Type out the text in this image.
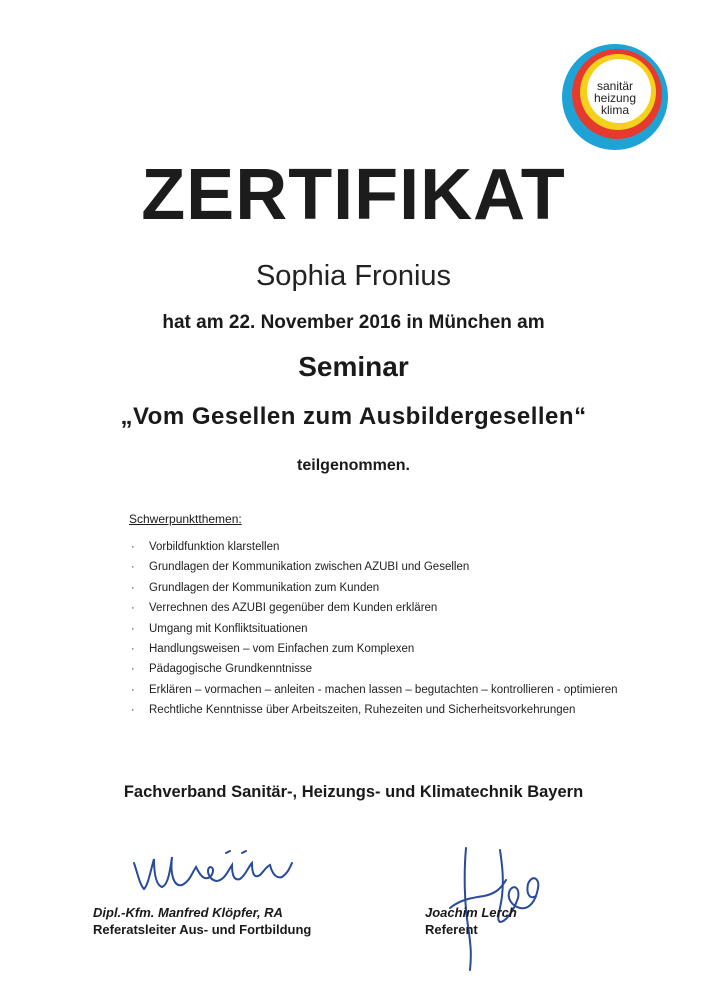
sanitär
heizung
klima
ZERTIFIKAT
Sophia Fronius
hat am 22. November 2016 in München am
Seminar
„Vom Gesellen zum Ausbildergesellen“
teilgenommen.
Schwerpunktthemen:
· Vorbildfunktion klarstellen
· Grundlagen der Kommunikation zwischen AZUBI und Gesellen
· Grundlagen der Kommunikation zum Kunden
· Verrechnen des AZUBI gegenüber dem Kunden erklären
· Umgang mit Konfliktsituationen
· Handlungsweisen – vom Einfachen zum Komplexen
· Pädagogische Grundkenntnisse
· Erklären – vormachen – anleiten - machen lassen – begutachten – kontrollieren - optimieren
· Rechtliche Kenntnisse über Arbeitszeiten, Ruhezeiten und Sicherheitsvorkehrungen
Fachverband Sanitär-, Heizungs- und Klimatechnik Bayern
Dipl.-Kfm. Manfred Klöpfer, RA
Referatsleiter Aus- und Fortbildung
Joachim Lerch
Referent
